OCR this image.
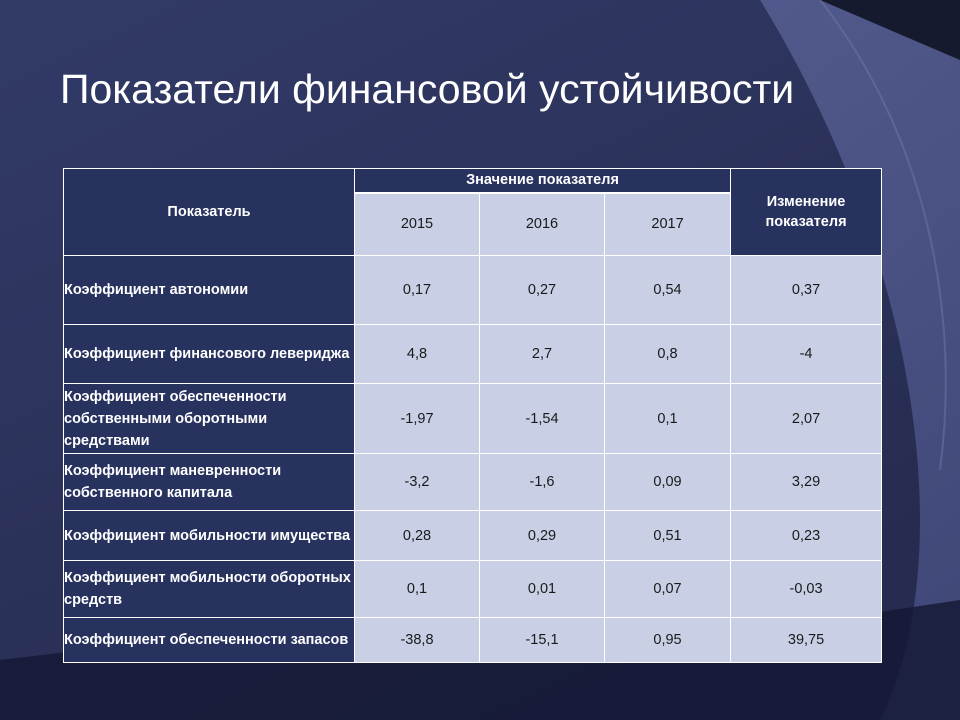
Показатели финансовой устойчивости
Показатель	Значение показателя			Изменение показателя
	2015	2016	2017	
Коэффициент автономии	0,17	0,27	0,54	0,37
Коэффициент финансового левериджа	4,8	2,7	0,8	-4
Коэффициент обеспеченности собственными оборотными средствами	-1,97	-1,54	0,1	2,07
Коэффициент маневренности собственного капитала	-3,2	-1,6	0,09	3,29
Коэффициент мобильности имущества	0,28	0,29	0,51	0,23
Коэффициент мобильности оборотных средств	0,1	0,01	0,07	-0,03
Коэффициент обеспеченности запасов	-38,8	-15,1	0,95	39,75
